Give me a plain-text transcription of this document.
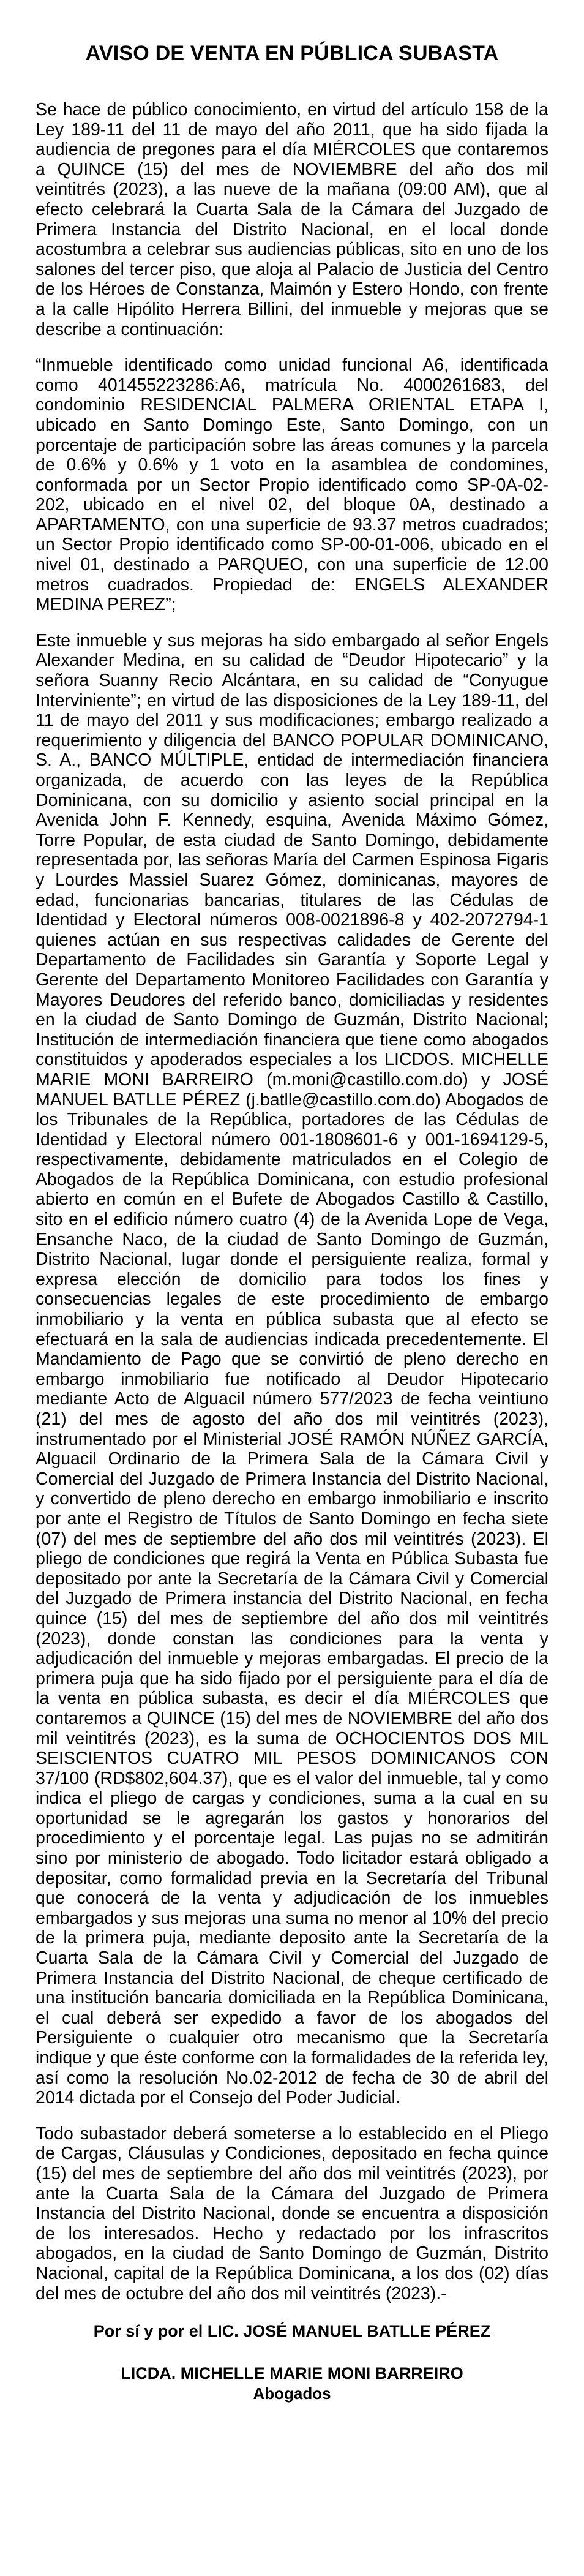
AVISO DE VENTA EN PÚBLICA SUBASTA

Se hace de público conocimiento, en virtud del artículo 158 de la Ley 189-11 del 11 de mayo del año 2011, que ha sido fijada la audiencia de pregones para el día MIÉRCOLES que contaremos a QUINCE (15) del mes de NOVIEMBRE del año dos mil veintitrés (2023), a las nueve de la mañana (09:00 AM), que al efecto celebrará la Cuarta Sala de la Cámara del Juzgado de Primera Instancia del Distrito Nacional, en el local donde acostumbra a celebrar sus audiencias públicas, sito en uno de los salones del tercer piso, que aloja al Palacio de Justicia del Centro de los Héroes de Constanza, Maimón y Estero Hondo, con frente a la calle Hipólito Herrera Billini, del inmueble y mejoras que se describe a continuación:

“Inmueble identificado como unidad funcional A6, identificada como 401455223286:A6, matrícula No. 4000261683, del condominio RESIDENCIAL PALMERA ORIENTAL ETAPA I, ubicado en Santo Domingo Este, Santo Domingo, con un porcentaje de participación sobre las áreas comunes y la parcela de 0.6% y 0.6% y 1 voto en la asamblea de condomines, conformada por un Sector Propio identificado como SP-0A-02-202, ubicado en el nivel 02, del bloque 0A, destinado a APARTAMENTO, con una superficie de 93.37 metros cuadrados; un Sector Propio identificado como SP-00-01-006, ubicado en el nivel 01, destinado a PARQUEO, con una superficie de 12.00 metros cuadrados. Propiedad de: ENGELS ALEXANDER MEDINA PEREZ”;

Este inmueble y sus mejoras ha sido embargado al señor Engels Alexander Medina, en su calidad de “Deudor Hipotecario” y la señora Suanny Recio Alcántara, en su calidad de “Conyugue Interviniente”; en virtud de las disposiciones de la Ley 189-11, del 11 de mayo del 2011 y sus modificaciones; embargo realizado a requerimiento y diligencia del BANCO POPULAR DOMINICANO, S. A., BANCO MÚLTIPLE, entidad de intermediación financiera organizada, de acuerdo con las leyes de la República Dominicana, con su domicilio y asiento social principal en la Avenida John F. Kennedy, esquina, Avenida Máximo Gómez, Torre Popular, de esta ciudad de Santo Domingo, debidamente representada por, las señoras María del Carmen Espinosa Figaris y Lourdes Massiel Suarez Gómez, dominicanas, mayores de edad, funcionarias bancarias, titulares de las Cédulas de Identidad y Electoral números 008-0021896-8 y 402-2072794-1 quienes actúan en sus respectivas calidades de Gerente del Departamento de Facilidades sin Garantía y Soporte Legal y Gerente del Departamento Monitoreo Facilidades con Garantía y Mayores Deudores del referido banco, domiciliadas y residentes en la ciudad de Santo Domingo de Guzmán, Distrito Nacional; Institución de intermediación financiera que tiene como abogados constituidos y apoderados especiales a los LICDOS. MICHELLE MARIE MONI BARREIRO (m.moni@castillo.com.do) y JOSÉ MANUEL BATLLE PÉREZ (j.batlle@castillo.com.do) Abogados de los Tribunales de la República, portadores de las Cédulas de Identidad y Electoral número 001-1808601-6 y 001-1694129-5, respectivamente, debidamente matriculados en el Colegio de Abogados de la República Dominicana, con estudio profesional abierto en común en el Bufete de Abogados Castillo & Castillo, sito en el edificio número cuatro (4) de la Avenida Lope de Vega, Ensanche Naco, de la ciudad de Santo Domingo de Guzmán, Distrito Nacional, lugar donde el persiguiente realiza, formal y expresa elección de domicilio para todos los fines y consecuencias legales de este procedimiento de embargo inmobiliario y la venta en pública subasta que al efecto se efectuará en la sala de audiencias indicada precedentemente. El Mandamiento de Pago que se convirtió de pleno derecho en embargo inmobiliario fue notificado al Deudor Hipotecario mediante Acto de Alguacil número 577/2023 de fecha veintiuno (21) del mes de agosto del año dos mil veintitrés (2023), instrumentado por el Ministerial JOSÉ RAMÓN NÚÑEZ GARCÍA, Alguacil Ordinario de la Primera Sala de la Cámara Civil y Comercial del Juzgado de Primera Instancia del Distrito Nacional, y convertido de pleno derecho en embargo inmobiliario e inscrito por ante el Registro de Títulos de Santo Domingo en fecha siete (07) del mes de septiembre del año dos mil veintitrés (2023). El pliego de condiciones que regirá la Venta en Pública Subasta fue depositado por ante la Secretaría de la Cámara Civil y Comercial del Juzgado de Primera instancia del Distrito Nacional, en fecha quince (15) del mes de septiembre del año dos mil veintitrés (2023), donde constan las condiciones para la venta y adjudicación del inmueble y mejoras embargadas. El precio de la primera puja que ha sido fijado por el persiguiente para el día de la venta en pública subasta, es decir el día MIÉRCOLES que contaremos a QUINCE (15) del mes de NOVIEMBRE del año dos mil veintitrés (2023), es la suma de OCHOCIENTOS DOS MIL SEISCIENTOS CUATRO MIL PESOS DOMINICANOS CON 37/100 (RD$802,604.37), que es el valor del inmueble, tal y como indica el pliego de cargas y condiciones, suma a la cual en su oportunidad se le agregarán los gastos y honorarios del procedimiento y el porcentaje legal. Las pujas no se admitirán sino por ministerio de abogado. Todo licitador estará obligado a depositar, como formalidad previa en la Secretaría del Tribunal que conocerá de la venta y adjudicación de los inmuebles embargados y sus mejoras una suma no menor al 10% del precio de la primera puja, mediante deposito ante la Secretaría de la Cuarta Sala de la Cámara Civil y Comercial del Juzgado de Primera Instancia del Distrito Nacional, de cheque certificado de una institución bancaria domiciliada en la República Dominicana, el cual deberá ser expedido a favor de los abogados del Persiguiente o cualquier otro mecanismo que la Secretaría indique y que éste conforme con la formalidades de la referida ley, así como la resolución No.02-2012 de fecha de 30 de abril del 2014 dictada por el Consejo del Poder Judicial.

Todo subastador deberá someterse a lo establecido en el Pliego de Cargas, Cláusulas y Condiciones, depositado en fecha quince (15) del mes de septiembre del año dos mil veintitrés (2023), por ante la Cuarta Sala de la Cámara del Juzgado de Primera Instancia del Distrito Nacional, donde se encuentra a disposición de los interesados. Hecho y redactado por los infrascritos abogados, en la ciudad de Santo Domingo de Guzmán, Distrito Nacional, capital de la República Dominicana, a los dos (02) días del mes de octubre del año dos mil veintitrés (2023).-

Por sí y por el LIC. JOSÉ MANUEL BATLLE PÉREZ

LICDA. MICHELLE MARIE MONI BARREIRO

Abogados
